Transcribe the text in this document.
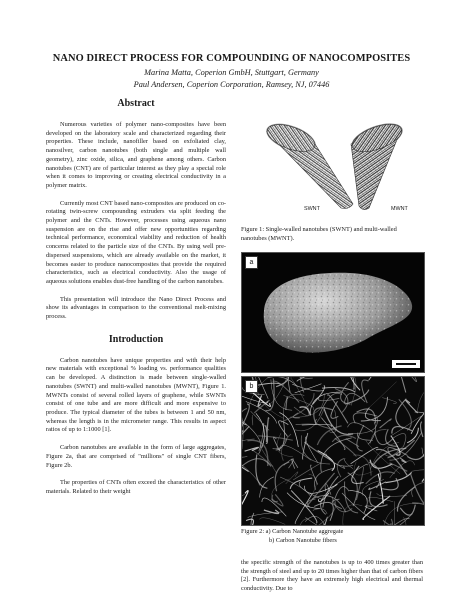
NANO DIRECT PROCESS FOR COMPOUNDING OF NANOCOMPOSITES
Marina Matta, Coperion GmbH, Stuttgart, Germany
Paul Andersen, Coperion Corporation, Ramsey, NJ, 07446
Abstract

Numerous varieties of polymer nano-composites have been developed on the laboratory scale and characterized regarding their properties. These include, nanofiller based on exfoliated clay, nanosilver, carbon nanotubes (both single and multiple wall geometry), zinc oxide, silica, and graphene among others. Carbon nanotubes (CNT) are of particular interest as they play a special role when it comes to improving or creating electrical conductivity in a polymer matrix.

Currently most CNT based nano-composites are produced on co-rotating twin-screw compounding extruders via split feeding the polymer and the CNTs. However, processes using aqueous nano suspension are on the rise and offer new opportunities regarding technical performance, economical viability and reduction of health concerns related to the particle size of the CNTs. By using well pre-dispersed suspensions, which are already available on the market, it becomes easier to produce nanocomposites that provide the required characteristics, such as electrical conductivity. Also the usage of aqueous solutions enables dust-free handling of the carbon nanotubes.

This presentation will introduce the Nano Direct Process and show its advantages in comparison to the conventional melt-mixing process.

Introduction

Carbon nanotubes have unique properties and with their help new materials with exceptional % loading vs. performance qualities can be developed. A distinction is made between single-walled nanotubes (SWNT) and multi-walled nanotubes (MWNT), Figure 1. MWNTs consist of several rolled layers of graphene, while SWNTs consist of one tube and are more difficult and more expensive to produce. The typical diameter of the tubes is between 1 and 50 nm, whereas the length is in the micrometer range. This results in aspect ratios of up to 1:1000 [1].

Carbon nanotubes are available in the form of large aggregates, Figure 2a, that are comprised of "millions" of single CNT fibers, Figure 2b.

The properties of CNTs often exceed the characteristics of other materials. Related to their weight

SWNT	MWNT

Figure 1: Single-walled nanotubes (SWNT) and multi-walled nanotubes (MWNT).

a
b

Figure 2: a) Carbon Nanotube aggregate

b) Carbon Nanotube fibers

the specific strength of the nanotubes is up to 400 times greater than the strength of steel and up to 20 times higher than that of carbon fibers [2]. Furthermore they have an extremely high electrical and thermal conductivity. Due to
